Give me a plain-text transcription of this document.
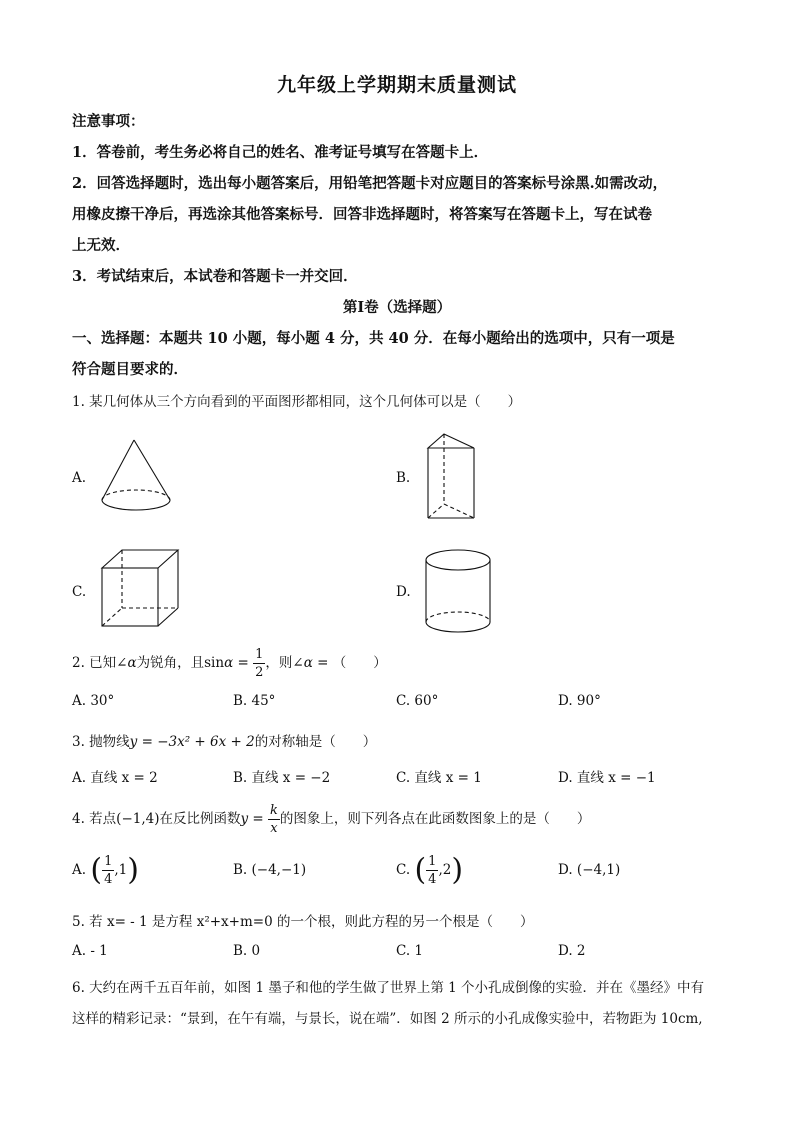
九年级上学期期末质量测试
注意事项：
1．答卷前，考生务必将自己的姓名、准考证号填写在答题卡上．
2．回答选择题时，选出每小题答案后，用铅笔把答题卡对应题目的答案标号涂黑.如需改动，
用橡皮擦干净后，再选涂其他答案标号．回答非选择题时，将答案写在答题卡上，写在试卷
上无效．
3．考试结束后，本试卷和答题卡一并交回．
第Ⅰ卷（选择题）
一、选择题：本题共 10 小题，每小题 4 分，共 40 分．在每小题给出的选项中，只有一项是
符合题目要求的．
1. 某几何体从三个方向看到的平面图形都相同，这个几何体可以是（　　）
A.	B.
C.	D.
2. 已知∠α为锐角，且$\sin\alpha = \frac{1}{2}$ ，则∠α = （　　）
A. 30°	B. 45°	C. 60°	D. 90°
3. 抛物线y = −3x² + 6x + 2的对称轴是（　　）
A. 直线 x = 2	B. 直线 x = −2	C. 直线 x = 1	D. 直线 x = −1
4. 若点(−1,4)在反比例函数$y = \frac{k}{x}$ 的图象上，则下列各点在此函数图象上的是（　　）
A. ( $\frac{1}{4} ,1$)	B. (−4,−1)	C. ( $\frac{1}{4} ,2$)	D. (−4,1)
5. 若 x= - 1 是方程 x²+x+m=0 的一个根，则此方程的另一个根是（　　）
A. - 1	B. 0	C. 1	D. 2
6. 大约在两千五百年前，如图 1 墨子和他的学生做了世界上第 1 个小孔成倒像的实验．并在《墨经》中有
这样的精彩记录：“景到，在午有端，与景长，说在端”．如图 2 所示的小孔成像实验中，若物距为 10cm,
